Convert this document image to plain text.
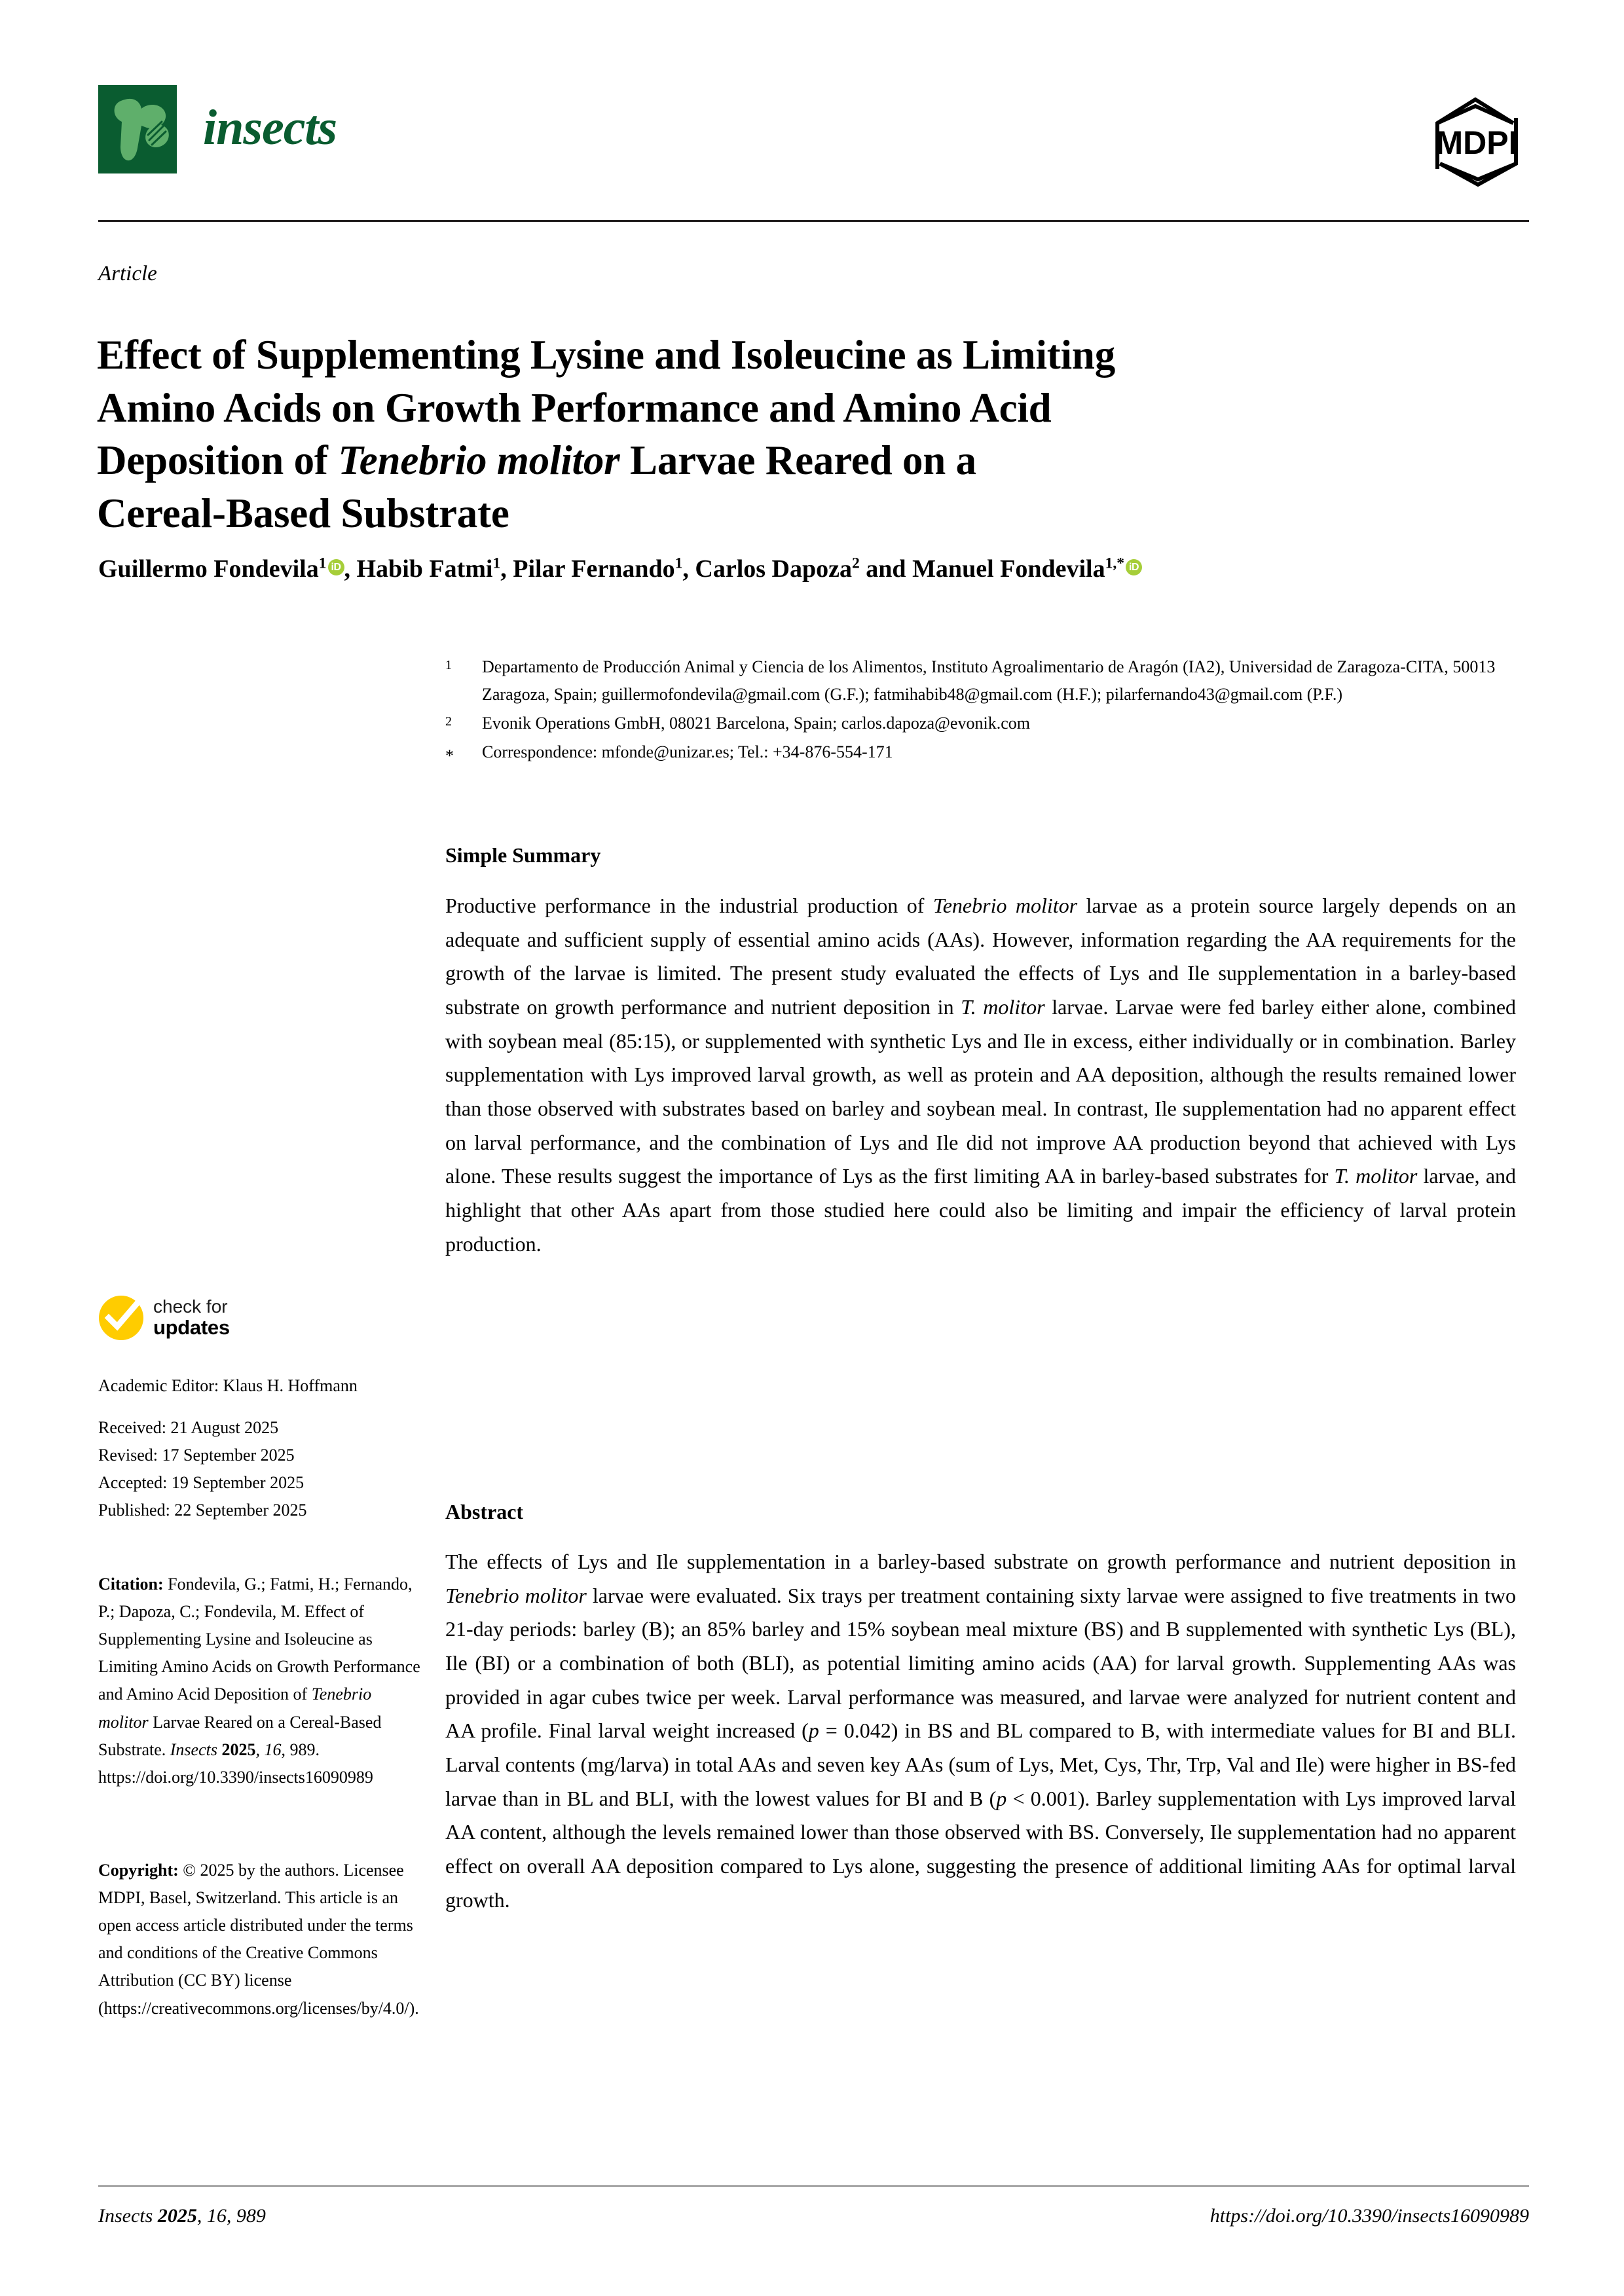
insects	MDPI
Article
Effect of Supplementing Lysine and Isoleucine as Limiting
Amino Acids on Growth Performance and Amino Acid
Deposition of Tenebrio molitor Larvae Reared on a
Cereal-Based Substrate
Guillermo Fondevila$^1$ iD , Habib Fatmi$^1$, Pilar Fernando$^1$, Carlos Dapoza$^2$ and Manuel Fondevila$^{1,*}$ iD
1	Departamento de Producción Animal y Ciencia de los Alimentos, Instituto Agroalimentario de Aragón (IA2), Universidad de Zaragoza-CITA, 50013 Zaragoza, Spain; guillermofondevila@gmail.com (G.F.); fatmihabib48@gmail.com (H.F.); pilarfernando43@gmail.com (P.F.)
2	Evonik Operations GmbH, 08021 Barcelona, Spain; carlos.dapoza@evonik.com
*	Correspondence: mfonde@unizar.es; Tel.: +34-876-554-171
Simple Summary
Productive performance in the industrial production of Tenebrio molitor larvae as a protein source largely depends on an adequate and sufficient supply of essential amino acids (AAs). However, information regarding the AA requirements for the growth of the larvae is limited. The present study evaluated the effects of Lys and Ile supplementation in a barley-based substrate on growth performance and nutrient deposition in T. molitor larvae. Larvae were fed barley either alone, combined with soybean meal (85:15), or supplemented with synthetic Lys and Ile in excess, either individually or in combination. Barley supplementation with Lys improved larval growth, as well as protein and AA deposition, although the results remained lower than those observed with substrates based on barley and soybean meal. In contrast, Ile supplementation had no apparent effect on larval performance, and the combination of Lys and Ile did not improve AA production beyond that achieved with Lys alone. These results suggest the importance of Lys as the first limiting AA in barley-based substrates for T. molitor larvae, and highlight that other AAs apart from those studied here could also be limiting and impair the efficiency of larval protein production.
Abstract
The effects of Lys and Ile supplementation in a barley-based substrate on growth performance and nutrient deposition in Tenebrio molitor larvae were evaluated. Six trays per treatment containing sixty larvae were assigned to five treatments in two 21-day periods: barley (B); an 85% barley and 15% soybean meal mixture (BS) and B supplemented with synthetic Lys (BL), Ile (BI) or a combination of both (BLI), as potential limiting amino acids (AA) for larval growth. Supplementing AAs was provided in agar cubes twice per week. Larval performance was measured, and larvae were analyzed for nutrient content and AA profile. Final larval weight increased (p = 0.042) in BS and BL compared to B, with intermediate values for BI and BLI. Larval contents (mg/larva) in total AAs and seven key AAs (sum of Lys, Met, Cys, Thr, Trp, Val and Ile) were higher in BS-fed larvae than in BL and BLI, with the lowest values for BI and B (p < 0.001). Barley supplementation with Lys improved larval AA content, although the levels remained lower than those observed with BS. Conversely, Ile supplementation had no apparent effect on overall AA deposition compared to Lys alone, suggesting the presence of additional limiting AAs for optimal larval growth.
check for
updates
Academic Editor: Klaus H. Hoffmann
Received: 21 August 2025
Revised: 17 September 2025
Accepted: 19 September 2025
Published: 22 September 2025
Citation: Fondevila, G.; Fatmi, H.; Fernando, P.; Dapoza, C.; Fondevila, M. Effect of Supplementing Lysine and Isoleucine as Limiting Amino Acids on Growth Performance and Amino Acid Deposition of Tenebrio molitor Larvae Reared on a Cereal-Based Substrate. Insects 2025, 16, 989. https://doi.org/10.3390/insects16090989
Copyright: © 2025 by the authors. Licensee MDPI, Basel, Switzerland. This article is an open access article distributed under the terms and conditions of the Creative Commons Attribution (CC BY) license (https://creativecommons.org/licenses/by/4.0/).
Insects 2025, 16, 989	https://doi.org/10.3390/insects16090989
